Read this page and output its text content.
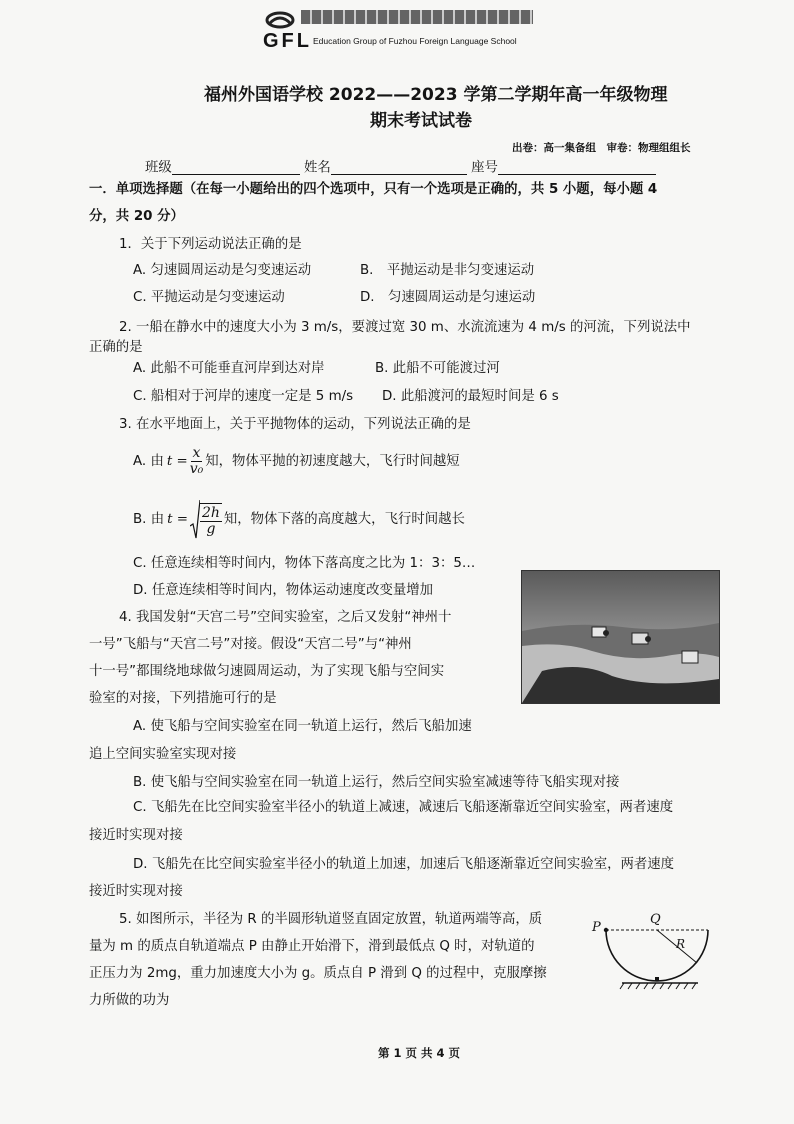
GFL Education Group of Fuzhou Foreign Language School
福州外国语学校 2022——2023 学第二学期年高一年级物理
期末考试试卷
出卷：高一集备组　审卷：物理组组长
班级	姓名	座号
一．单项选择题（在每一小题给出的四个选项中，只有一个选项是正确的，共 5 小题，每小题 4
分，共 20 分）
1．关于下列运动说法正确的是
A. 匀速圆周运动是匀变速运动	B.　平抛运动是非匀变速运动
C. 平抛运动是匀变速运动	D.　匀速圆周运动是匀速运动
2. 一船在静水中的速度大小为 3 m/s，要渡过宽 30 m、水流流速为 4 m/s 的河流，下列说法中
正确的是
A. 此船不可能垂直河岸到达对岸	B. 此船不可能渡过河
C. 船相对于河岸的速度一定是 5 m/s D. 此船渡河的最短时间是 6 s
3. 在水平地面上，关于平抛物体的运动，下列说法正确的是
A. 由 $t = \frac{x}{\text{v₀}}$ 知，物体平抛的初速度越大，飞行时间越短
B. 由 $t = \frac{2h}{g}$ 知，物体下落的高度越大，飞行时间越长
C. 任意连续相等时间内，物体下落高度之比为 1：3：5…
D. 任意连续相等时间内，物体运动速度改变量增加
4. 我国发射“天宫二号”空间实验室，之后又发射“神州十
一号”飞船与“天宫二号”对接。假设“天宫二号”与“神州
十一号”都围绕地球做匀速圆周运动，为了实现飞船与空间实
验室的对接，下列措施可行的是
A. 使飞船与空间实验室在同一轨道上运行，然后飞船加速
追上空间实验室实现对接
B. 使飞船与空间实验室在同一轨道上运行，然后空间实验室减速等待飞船实现对接
C. 飞船先在比空间实验室半径小的轨道上减速，减速后飞船逐渐靠近空间实验室，两者速度
接近时实现对接
D. 飞船先在比空间实验室半径小的轨道上加速，加速后飞船逐渐靠近空间实验室，两者速度
接近时实现对接
5. 如图所示，半径为 R 的半圆形轨道竖直固定放置，轨道两端等高，质
量为 m 的质点自轨道端点 P 由静止开始滑下，滑到最低点 Q 时，对轨道的
正压力为 2mg，重力加速度大小为 g。质点自 P 滑到 Q 的过程中，克服摩擦
力所做的功为
P
Q
R
第 1 页 共 4 页
